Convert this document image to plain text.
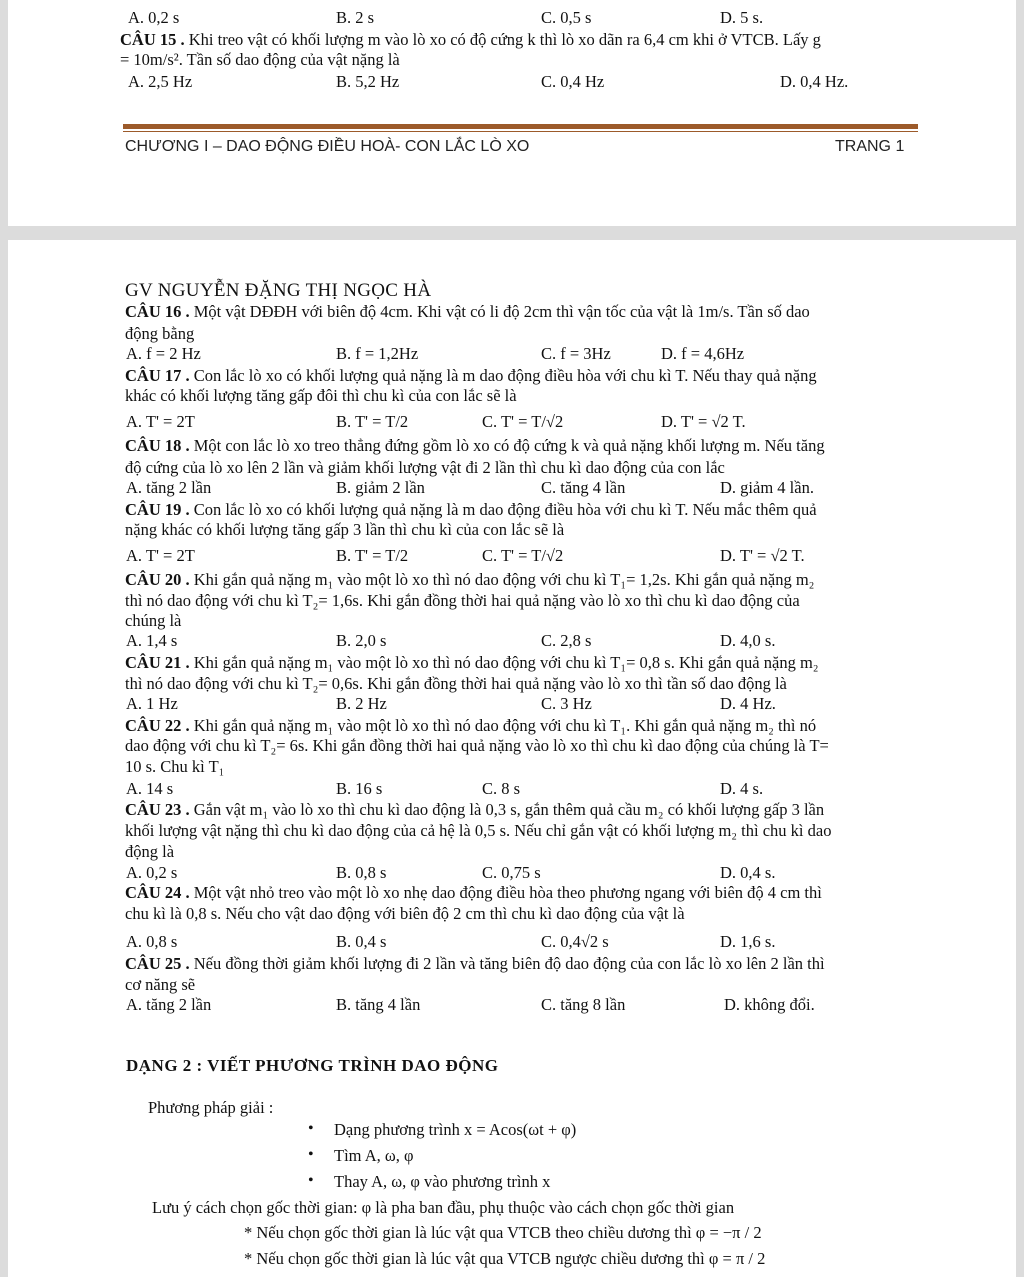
A. 0,2 s	B. 2 s	C. 0,5 s	D. 5 s.
CÂU 15 . Khi treo vật có khối lượng m vào lò xo có độ cứng k thì lò xo dãn ra 6,4 cm khi ở VTCB. Lấy g
= 10m/s². Tần số dao động của vật nặng là
A. 2,5 Hz	B. 5,2 Hz	C. 0,4 Hz	D. 0,4 Hz.
CHƯƠNG I – DAO ĐỘNG ĐIỀU HOÀ- CON LẮC LÒ XO	TRANG 1
GV NGUYỄN ĐẶNG THỊ NGỌC HÀ
CÂU 16 . Một vật DĐĐH với biên độ 4cm. Khi vật có li độ 2cm thì vận tốc của vật là 1m/s. Tần số dao
động bằng
A. f = 2 Hz	B. f = 1,2Hz	C. f = 3Hz	D. f = 4,6Hz
CÂU 17 . Con lắc lò xo có khối lượng quả nặng là m dao động điều hòa với chu kì T. Nếu thay quả nặng
khác có khối lượng tăng gấp đôi thì chu kì của con lắc sẽ là
A. T' = 2T	B. T' = T/2	C. T' = T/√2	D. T' = √2 T.
CÂU 18 . Một con lắc lò xo treo thẳng đứng gồm lò xo có độ cứng k và quả nặng khối lượng m. Nếu tăng
độ cứng của lò xo lên 2 lần và giảm khối lượng vật đi 2 lần thì chu kì dao động của con lắc
A. tăng 2 lần	B. giảm 2 lần	C. tăng 4 lần	D. giảm 4 lần.
CÂU 19 . Con lắc lò xo có khối lượng quả nặng là m dao động điều hòa với chu kì T. Nếu mắc thêm quả
nặng khác có khối lượng tăng gấp 3 lần thì chu kì của con lắc sẽ là
A. T' = 2T	B. T' = T/2	C. T' = T/√2	D. T' = √2 T.
CÂU 20 . Khi gắn quả nặng m₁ vào một lò xo thì nó dao động với chu kì T₁= 1,2s. Khi gắn quả nặng m₂
thì nó dao động với chu kì T₂= 1,6s. Khi gắn đồng thời hai quả nặng vào lò xo thì chu kì dao động của
chúng là
A. 1,4 s	B. 2,0 s	C. 2,8 s	D. 4,0 s.
CÂU 21 . Khi gắn quả nặng m₁ vào một lò xo thì nó dao động với chu kì T₁= 0,8 s. Khi gắn quả nặng m₂
thì nó dao động với chu kì T₂= 0,6s. Khi gắn đồng thời hai quả nặng vào lò xo thì tần số dao động là
A. 1 Hz	B. 2 Hz	C. 3 Hz	D. 4 Hz.
CÂU 22 . Khi gắn quả nặng m₁ vào một lò xo thì nó dao động với chu kì T₁. Khi gắn quả nặng m₂ thì nó
dao động với chu kì T₂= 6s. Khi gắn đồng thời hai quả nặng vào lò xo thì chu kì dao động của chúng là T=
10 s. Chu kì T₁
A. 14 s	B. 16 s	C. 8 s	D. 4 s.
CÂU 23 . Gắn vật m₁ vào lò xo thì chu kì dao động là 0,3 s, gắn thêm quả cầu m₂ có khối lượng gấp 3 lần
khối lượng vật nặng thì chu kì dao động của cả hệ là 0,5 s. Nếu chỉ gắn vật có khối lượng m₂ thì chu kì dao
động là
A. 0,2 s	B. 0,8 s	C. 0,75 s	D. 0,4 s.
CÂU 24 . Một vật nhỏ treo vào một lò xo nhẹ dao động điều hòa theo phương ngang với biên độ 4 cm thì
chu kì là 0,8 s. Nếu cho vật dao động với biên độ 2 cm thì chu kì dao động của vật là
A. 0,8 s	B. 0,4 s	C. 0,4√2 s	D. 1,6 s.
CÂU 25 . Nếu đồng thời giảm khối lượng đi 2 lần và tăng biên độ dao động của con lắc lò xo lên 2 lần thì
cơ năng sẽ
A. tăng 2 lần	B. tăng 4 lần	C. tăng 8 lần	D. không đổi.
DẠNG 2 : VIẾT PHƯƠNG TRÌNH DAO ĐỘNG
Phương pháp giải :
• Dạng phương trình x = Acos(ωt + φ)
• Tìm A, ω, φ
• Thay A, ω, φ vào phương trình x
Lưu ý cách chọn gốc thời gian: φ là pha ban đầu, phụ thuộc vào cách chọn gốc thời gian
* Nếu chọn gốc thời gian là lúc vật qua VTCB theo chiều dương thì φ = −π / 2
* Nếu chọn gốc thời gian là lúc vật qua VTCB ngược chiều dương thì φ = π / 2
